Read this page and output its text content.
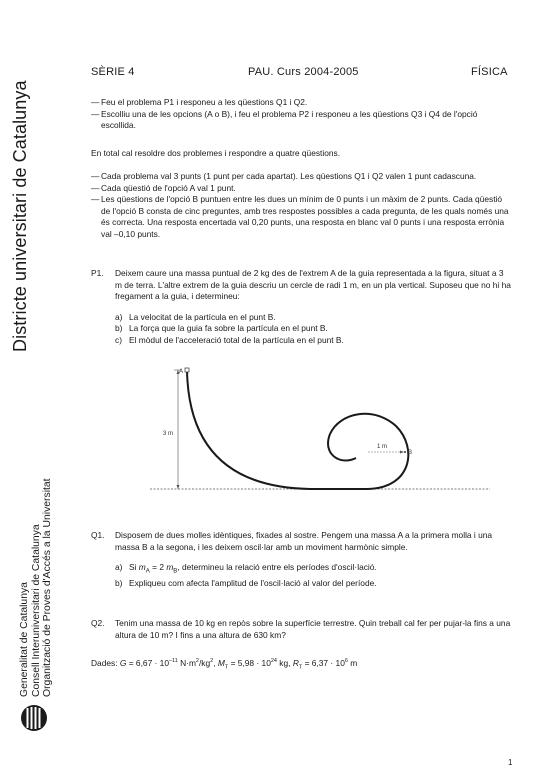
Districte universitari de Catalunya
Generalitat de Catalunya Consell Interuniversitari de Catalunya Organització de Proves d'Accés a la Universitat
SÈRIE 4	PAU. Curs 2004-2005	FÍSICA
— Feu el problema P1 i responeu a les qüestions Q1 i Q2.
— Escolliu una de les opcions (A o B), i feu el problema P2 i responeu a les qüestions Q3 i Q4 de l'opció escollida.
En total cal resoldre dos problemes i respondre a quatre qüestions.
— Cada problema val 3 punts (1 punt per cada apartat). Les qüestions Q1 i Q2 valen 1 punt cadascuna.
— Cada qüestió de l'opció A val 1 punt.
— Les qüestions de l'opció B puntuen entre les dues un mínim de 0 punts i un màxim de 2 punts. Cada qüestió de l'opció B consta de cinc preguntes, amb tres respostes possibles a cada pregunta, de les quals només una és correcta. Una resposta encertada val 0,20 punts, una resposta en blanc val 0 punts i una resposta errònia val –0,10 punts.
P1.	Deixem caure una massa puntual de 2 kg des de l'extrem A de la guia representada a la figura, situat a 3 m de terra. L'altre extrem de la guia descriu un cercle de radi 1 m, en un pla vertical. Suposeu que no hi ha fregament a la guia, i determineu:
a) La velocitat de la partícula en el punt B.
b) La força que la guia fa sobre la partícula en el punt B.
c) El mòdul de l'acceleració total de la partícula en el punt B.
3 m
A
1 m
B
Q1.	Disposem de dues molles idèntiques, fixades al sostre. Pengem una massa A a la primera molla i una massa B a la segona, i les deixem oscil·lar amb un moviment harmònic simple.
a) Si $m_A = 2$ $m_B$, determineu la relació entre els períodes d'oscil·lació.
b) Expliqueu com afecta l'amplitud de l'oscil·lació al valor del període.
Q2.	Tenim una massa de 10 kg en repòs sobre la superfície terrestre. Quin treball cal fer per pujar-la fins a una altura de 10 m? I fins a una altura de 630 km?
Dades: $G = 6,67 \cdot 10^{-11}$ $N\cdot m^2/kg^2$, $M_T = 5,98 \cdot 10^{24}$ kg, $R_T = 6,37 \cdot 10^6$ m
1
